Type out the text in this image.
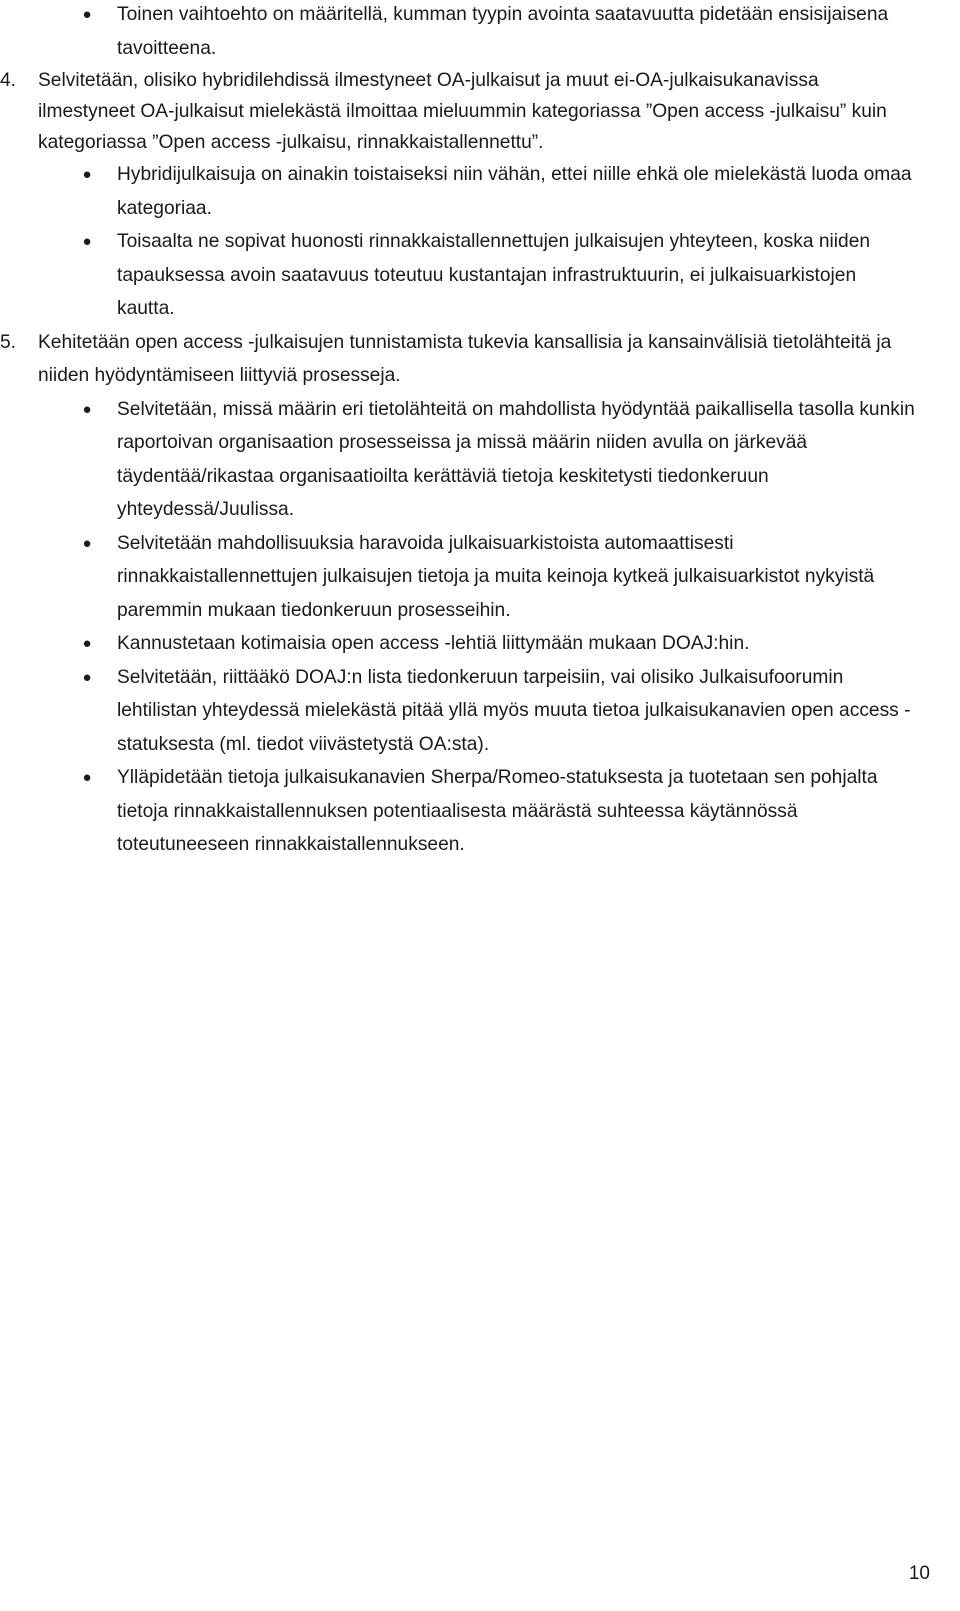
● Toinen vaihtoehto on määritellä, kumman tyypin avointa saatavuutta pidetään ensisijaisena tavoitteena.
4.	Selvitetään, olisiko hybridilehdissä ilmestyneet OA-julkaisut ja muut ei-OA-julkaisukanavissa ilmestyneet OA-julkaisut mielekästä ilmoittaa mieluummin kategoriassa ”Open access -julkaisu” kuin kategoriassa ”Open access -julkaisu, rinnakkaistallennettu”.
● Hybridijulkaisuja on ainakin toistaiseksi niin vähän, ettei niille ehkä ole mielekästä luoda omaa kategoriaa.
● Toisaalta ne sopivat huonosti rinnakkaistallennettujen julkaisujen yhteyteen, koska niiden tapauksessa avoin saatavuus toteutuu kustantajan infrastruktuurin, ei julkaisuarkistojen kautta.
5.	Kehitetään open access -julkaisujen tunnistamista tukevia kansallisia ja kansainvälisiä tietolähteitä ja niiden hyödyntämiseen liittyviä prosesseja.
● Selvitetään, missä määrin eri tietolähteitä on mahdollista hyödyntää paikallisella tasolla kunkin raportoivan organisaation prosesseissa ja missä määrin niiden avulla on järkevää täydentää/rikastaa organisaatioilta kerättäviä tietoja keskitetysti tiedonkeruun yhteydessä/Juulissa.
● Selvitetään mahdollisuuksia haravoida julkaisuarkistoista automaattisesti rinnakkaistallennettujen julkaisujen tietoja ja muita keinoja kytkeä julkaisuarkistot nykyistä paremmin mukaan tiedonkeruun prosesseihin.
● Kannustetaan kotimaisia open access -lehtiä liittymään mukaan DOAJ:hin.
● Selvitetään, riittääkö DOAJ:n lista tiedonkeruun tarpeisiin, vai olisiko Julkaisufoorumin lehtilistan yhteydessä mielekästä pitää yllä myös muuta tietoa julkaisukanavien open access -statuksesta (ml. tiedot viivästetystä OA:sta).
● Ylläpidetään tietoja julkaisukanavien Sherpa/Romeo-statuksesta ja tuotetaan sen pohjalta tietoja rinnakkaistallennuksen potentiaalisesta määrästä suhteessa käytännössä toteutuneeseen rinnakkaistallennukseen.
10
